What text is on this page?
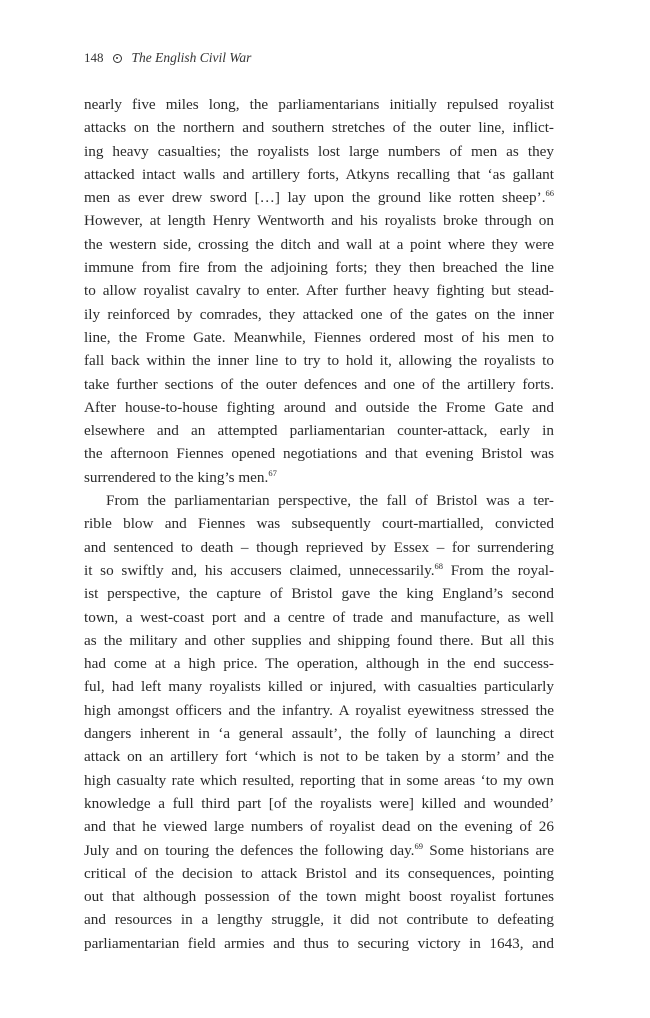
148 The English Civil War
nearly five miles long, the parliamentarians initially repulsed royalist
attacks on the northern and southern stretches of the outer line, inflict-
ing heavy casualties; the royalists lost large numbers of men as they
attacked intact walls and artillery forts, Atkyns recalling that ‘as gallant
men as ever drew sword […] lay upon the ground like rotten sheep’.$^{66}$
However, at length Henry Wentworth and his royalists broke through on
the western side, crossing the ditch and wall at a point where they were
immune from fire from the adjoining forts; they then breached the line
to allow royalist cavalry to enter. After further heavy fighting but stead-
ily reinforced by comrades, they attacked one of the gates on the inner
line, the Frome Gate. Meanwhile, Fiennes ordered most of his men to
fall back within the inner line to try to hold it, allowing the royalists to
take further sections of the outer defences and one of the artillery forts.
After house-to-house fighting around and outside the Frome Gate and
elsewhere and an attempted parliamentarian counter-attack, early in
the afternoon Fiennes opened negotiations and that evening Bristol was
surrendered to the king’s men.$^{67}$
From the parliamentarian perspective, the fall of Bristol was a ter-
rible blow and Fiennes was subsequently court-martialled, convicted
and sentenced to death – though reprieved by Essex – for surrendering
it so swiftly and, his accusers claimed, unnecessarily.$^{68}$ From the royal-
ist perspective, the capture of Bristol gave the king England’s second
town, a west-coast port and a centre of trade and manufacture, as well
as the military and other supplies and shipping found there. But all this
had come at a high price. The operation, although in the end success-
ful, had left many royalists killed or injured, with casualties particularly
high amongst officers and the infantry. A royalist eyewitness stressed the
dangers inherent in ‘a general assault’, the folly of launching a direct
attack on an artillery fort ‘which is not to be taken by a storm’ and the
high casualty rate which resulted, reporting that in some areas ‘to my own
knowledge a full third part [of the royalists were] killed and wounded’
and that he viewed large numbers of royalist dead on the evening of 26
July and on touring the defences the following day.$^{69}$ Some historians are
critical of the decision to attack Bristol and its consequences, pointing
out that although possession of the town might boost royalist fortunes
and resources in a lengthy struggle, it did not contribute to defeating
parliamentarian field armies and thus to securing victory in 1643, and
